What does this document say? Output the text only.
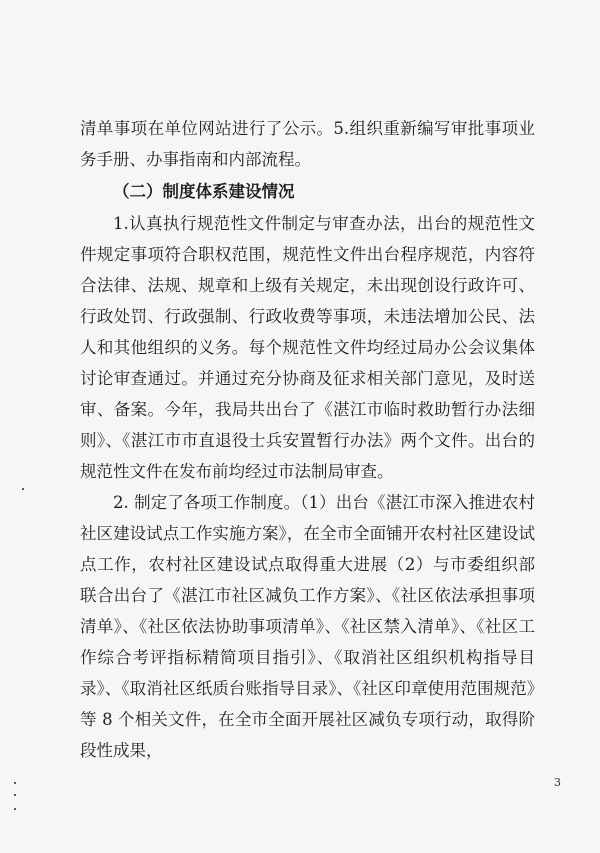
清单事项在单位网站进行了公示。5.组织重新编写审批事项业务手册、办事指南和内部流程。

（二）制度体系建设情况

1.认真执行规范性文件制定与审查办法，出台的规范性文件规定事项符合职权范围，规范性文件出台程序规范，内容符合法律、法规、规章和上级有关规定，未出现创设行政许可、行政处罚、行政强制、行政收费等事项，未违法增加公民、法人和其他组织的义务。每个规范性文件均经过局办公会议集体讨论审查通过。并通过充分协商及征求相关部门意见，及时送审、备案。今年，我局共出台了《湛江市临时救助暂行办法细则》、《湛江市市直退役士兵安置暂行办法》两个文件。出台的规范性文件在发布前均经过市法制局审查。

2. 制定了各项工作制度。（1）出台《湛江市深入推进农村社区建设试点工作实施方案》，在全市全面铺开农村社区建设试点工作，农村社区建设试点取得重大进展（2）与市委组织部联合出台了《湛江市社区减负工作方案》、《社区依法承担事项清单》、《社区依法协助事项清单》、《社区禁入清单》、《社区工作综合考评指标精简项目指引》、《取消社区组织机构指导目录》、《取消社区纸质台账指导目录》、《社区印章使用范围规范》等 8 个相关文件，在全市全面开展社区减负专项行动，取得阶段性成果，

3
